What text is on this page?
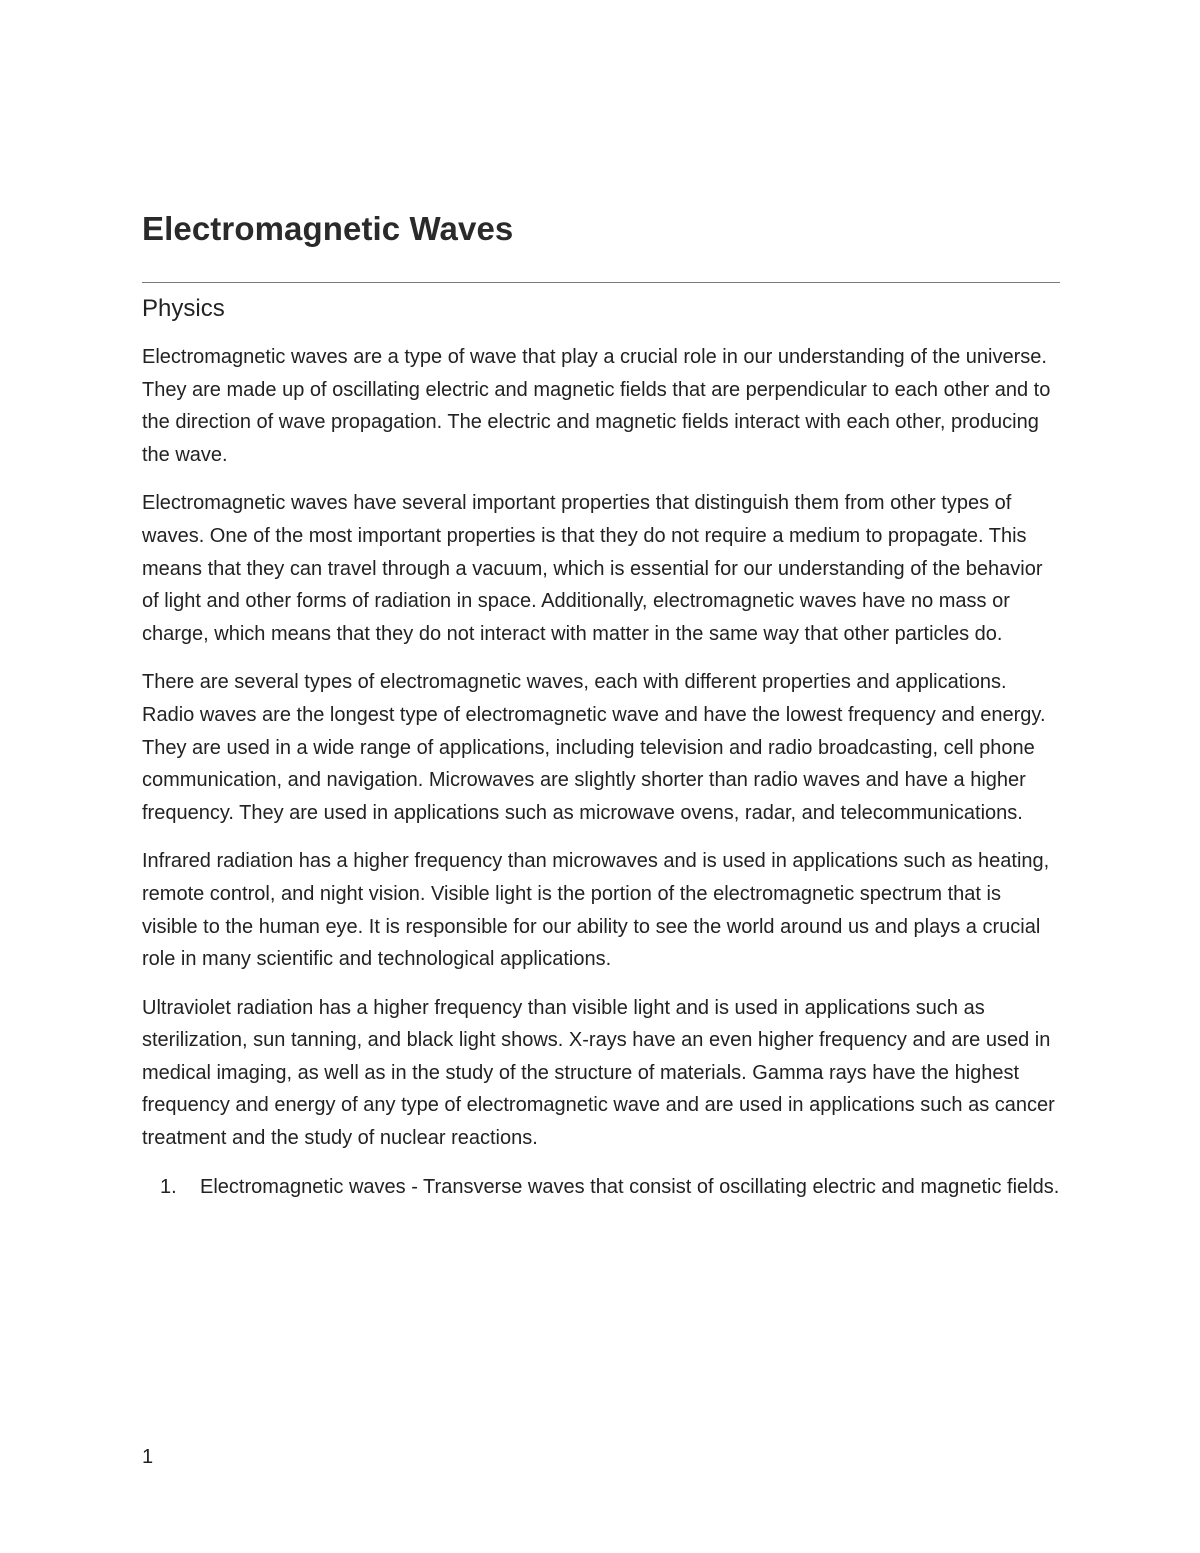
Electromagnetic Waves
Physics

Electromagnetic waves are a type of wave that play a crucial role in our understanding of the universe. They are made up of oscillating electric and magnetic fields that are perpendicular to each other and to the direction of wave propagation. The electric and magnetic fields interact with each other, producing the wave.

Electromagnetic waves have several important properties that distinguish them from other types of waves. One of the most important properties is that they do not require a medium to propagate. This means that they can travel through a vacuum, which is essential for our understanding of the behavior of light and other forms of radiation in space. Additionally, electromagnetic waves have no mass or charge, which means that they do not interact with matter in the same way that other particles do.

There are several types of electromagnetic waves, each with different properties and applications. Radio waves are the longest type of electromagnetic wave and have the lowest frequency and energy. They are used in a wide range of applications, including television and radio broadcasting, cell phone communication, and navigation. Microwaves are slightly shorter than radio waves and have a higher frequency. They are used in applications such as microwave ovens, radar, and telecommunications.

Infrared radiation has a higher frequency than microwaves and is used in applications such as heating, remote control, and night vision. Visible light is the portion of the electromagnetic spectrum that is visible to the human eye. It is responsible for our ability to see the world around us and plays a crucial role in many scientific and technological applications.

Ultraviolet radiation has a higher frequency than visible light and is used in applications such as sterilization, sun tanning, and black light shows. X-rays have an even higher frequency and are used in medical imaging, as well as in the study of the structure of materials. Gamma rays have the highest frequency and energy of any type of electromagnetic wave and are used in applications such as cancer treatment and the study of nuclear reactions.

1. Electromagnetic waves - Transverse waves that consist of oscillating electric and magnetic fields.
1
